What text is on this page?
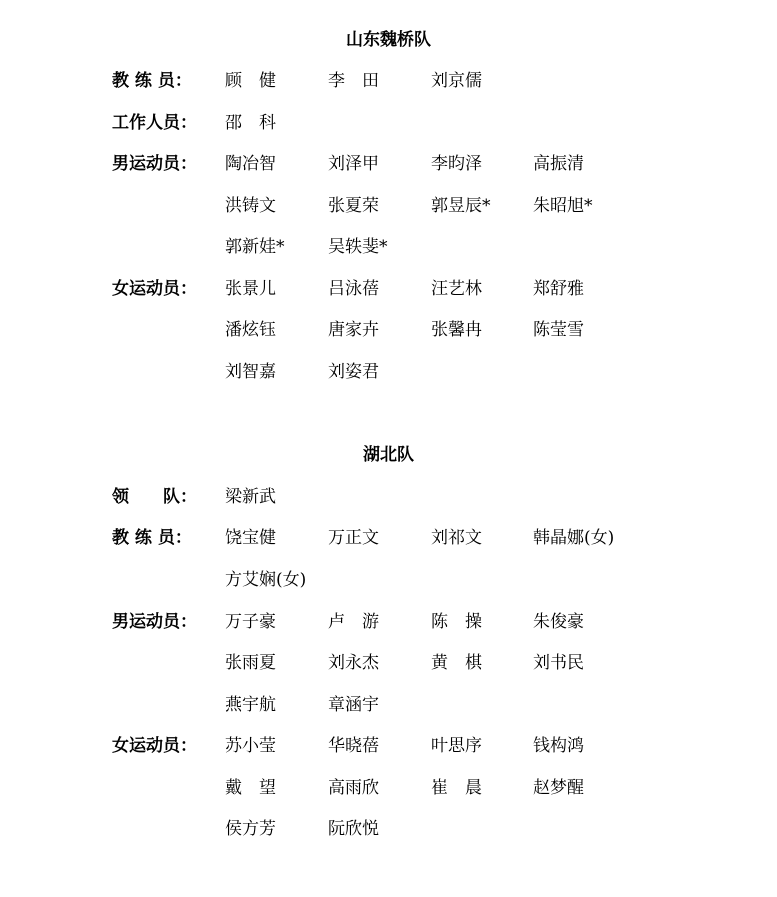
山东魏桥队
教 练 员：	顾　健	李　田	刘京儒
工作人员：	邵　科
男运动员：	陶冶智	刘泽甲	李昀泽	高振清
洪铸文	张夏荣	郭昱辰*	朱昭旭*
郭新娃*	吴轶斐*
女运动员：	张景儿	吕泳蓓	汪艺林	郑舒雅
潘炫钰	唐家卉	张馨冉	陈莹雪
刘智嘉	刘姿君
湖北队
领　　队：	梁新武
教 练 员：	饶宝健	万正文	刘祁文	韩晶娜(女)
方艾娴(女)
男运动员：	万子豪	卢　游	陈　操	朱俊豪
张雨夏	刘永杰	黄　棋	刘书民
燕宇航	章涵宇
女运动员：	苏小莹	华晓蓓	叶思序	钱构鸿
戴　望	高雨欣	崔　晨	赵梦醒
侯方芳	阮欣悦
